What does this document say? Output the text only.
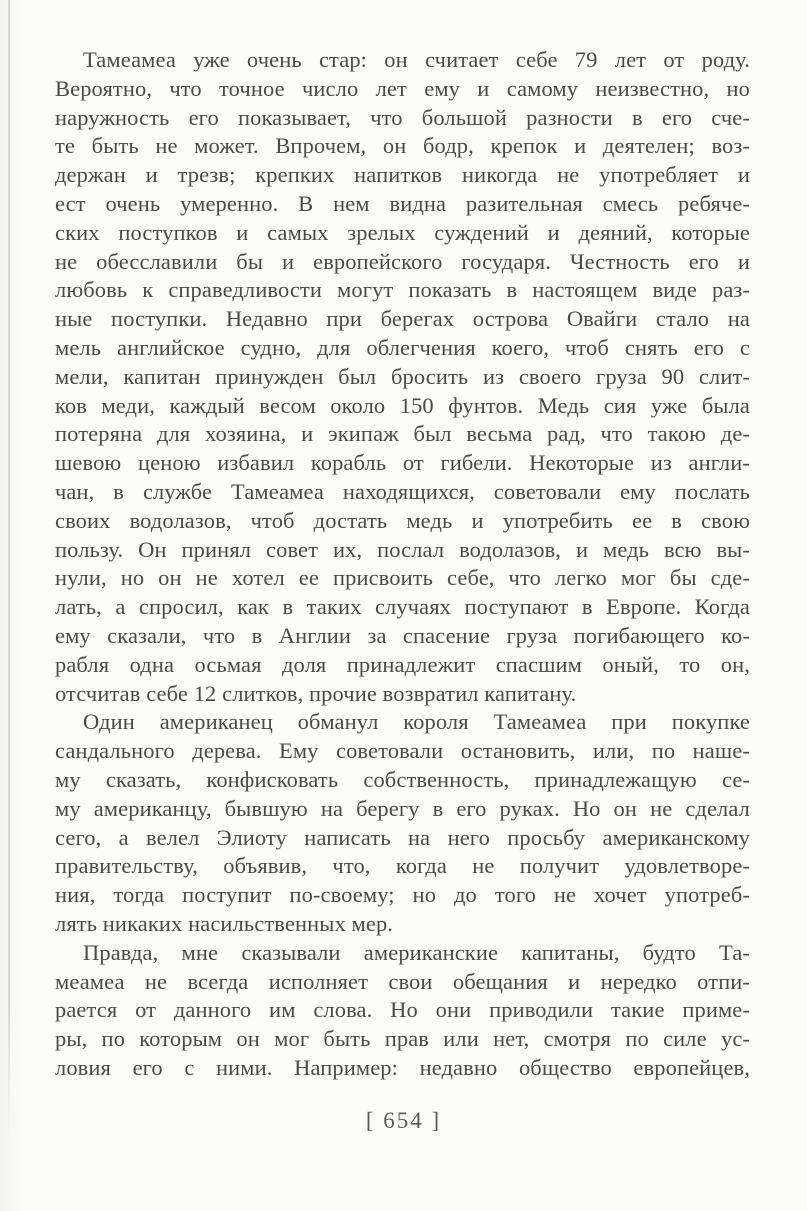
Тамеамеа уже очень стар: он считает себе 79 лет от роду.
Вероятно, что точное число лет ему и самому неизвестно, но
наружность его показывает, что большой разности в его сче-
те быть не может. Впрочем, он бодр, крепок и деятелен; воз-
держан и трезв; крепких напитков никогда не употребляет и
ест очень умеренно. В нем видна разительная смесь ребяче-
ских поступков и самых зрелых суждений и деяний, которые
не обесславили бы и европейского государя. Честность его и
любовь к справедливости могут показать в настоящем виде раз-
ные поступки. Недавно при берегах острова Овайги стало на
мель английское судно, для облегчения коего, чтоб снять его с
мели, капитан принужден был бросить из своего груза 90 слит-
ков меди, каждый весом около 150 фунтов. Медь сия уже была
потеряна для хозяина, и экипаж был весьма рад, что такою де-
шевою ценою избавил корабль от гибели. Некоторые из англи-
чан, в службе Тамеамеа находящихся, советовали ему послать
своих водолазов, чтоб достать медь и употребить ее в свою
пользу. Он принял совет их, послал водолазов, и медь всю вы-
нули, но он не хотел ее присвоить себе, что легко мог бы сде-
лать, а спросил, как в таких случаях поступают в Европе. Когда
ему сказали, что в Англии за спасение груза погибающего ко-
рабля одна осьмая доля принадлежит спасшим оный, то он,
отсчитав себе 12 слитков, прочие возвратил капитану.
Один американец обманул короля Тамеамеа при покупке
сандального дерева. Ему советовали остановить, или, по наше-
му сказать, конфисковать собственность, принадлежащую се-
му американцу, бывшую на берегу в его руках. Но он не сделал
сего, а велел Элиоту написать на него просьбу американскому
правительству, объявив, что, когда не получит удовлетворе-
ния, тогда поступит по-своему; но до того не хочет употреб-
лять никаких насильственных мер.
Правда, мне сказывали американские капитаны, будто Та-
меамеа не всегда исполняет свои обещания и нередко отпи-
рается от данного им слова. Но они приводили такие приме-
ры, по которым он мог быть прав или нет, смотря по силе ус-
ловия его с ними. Например: недавно общество европейцев,
[ 654 ]
